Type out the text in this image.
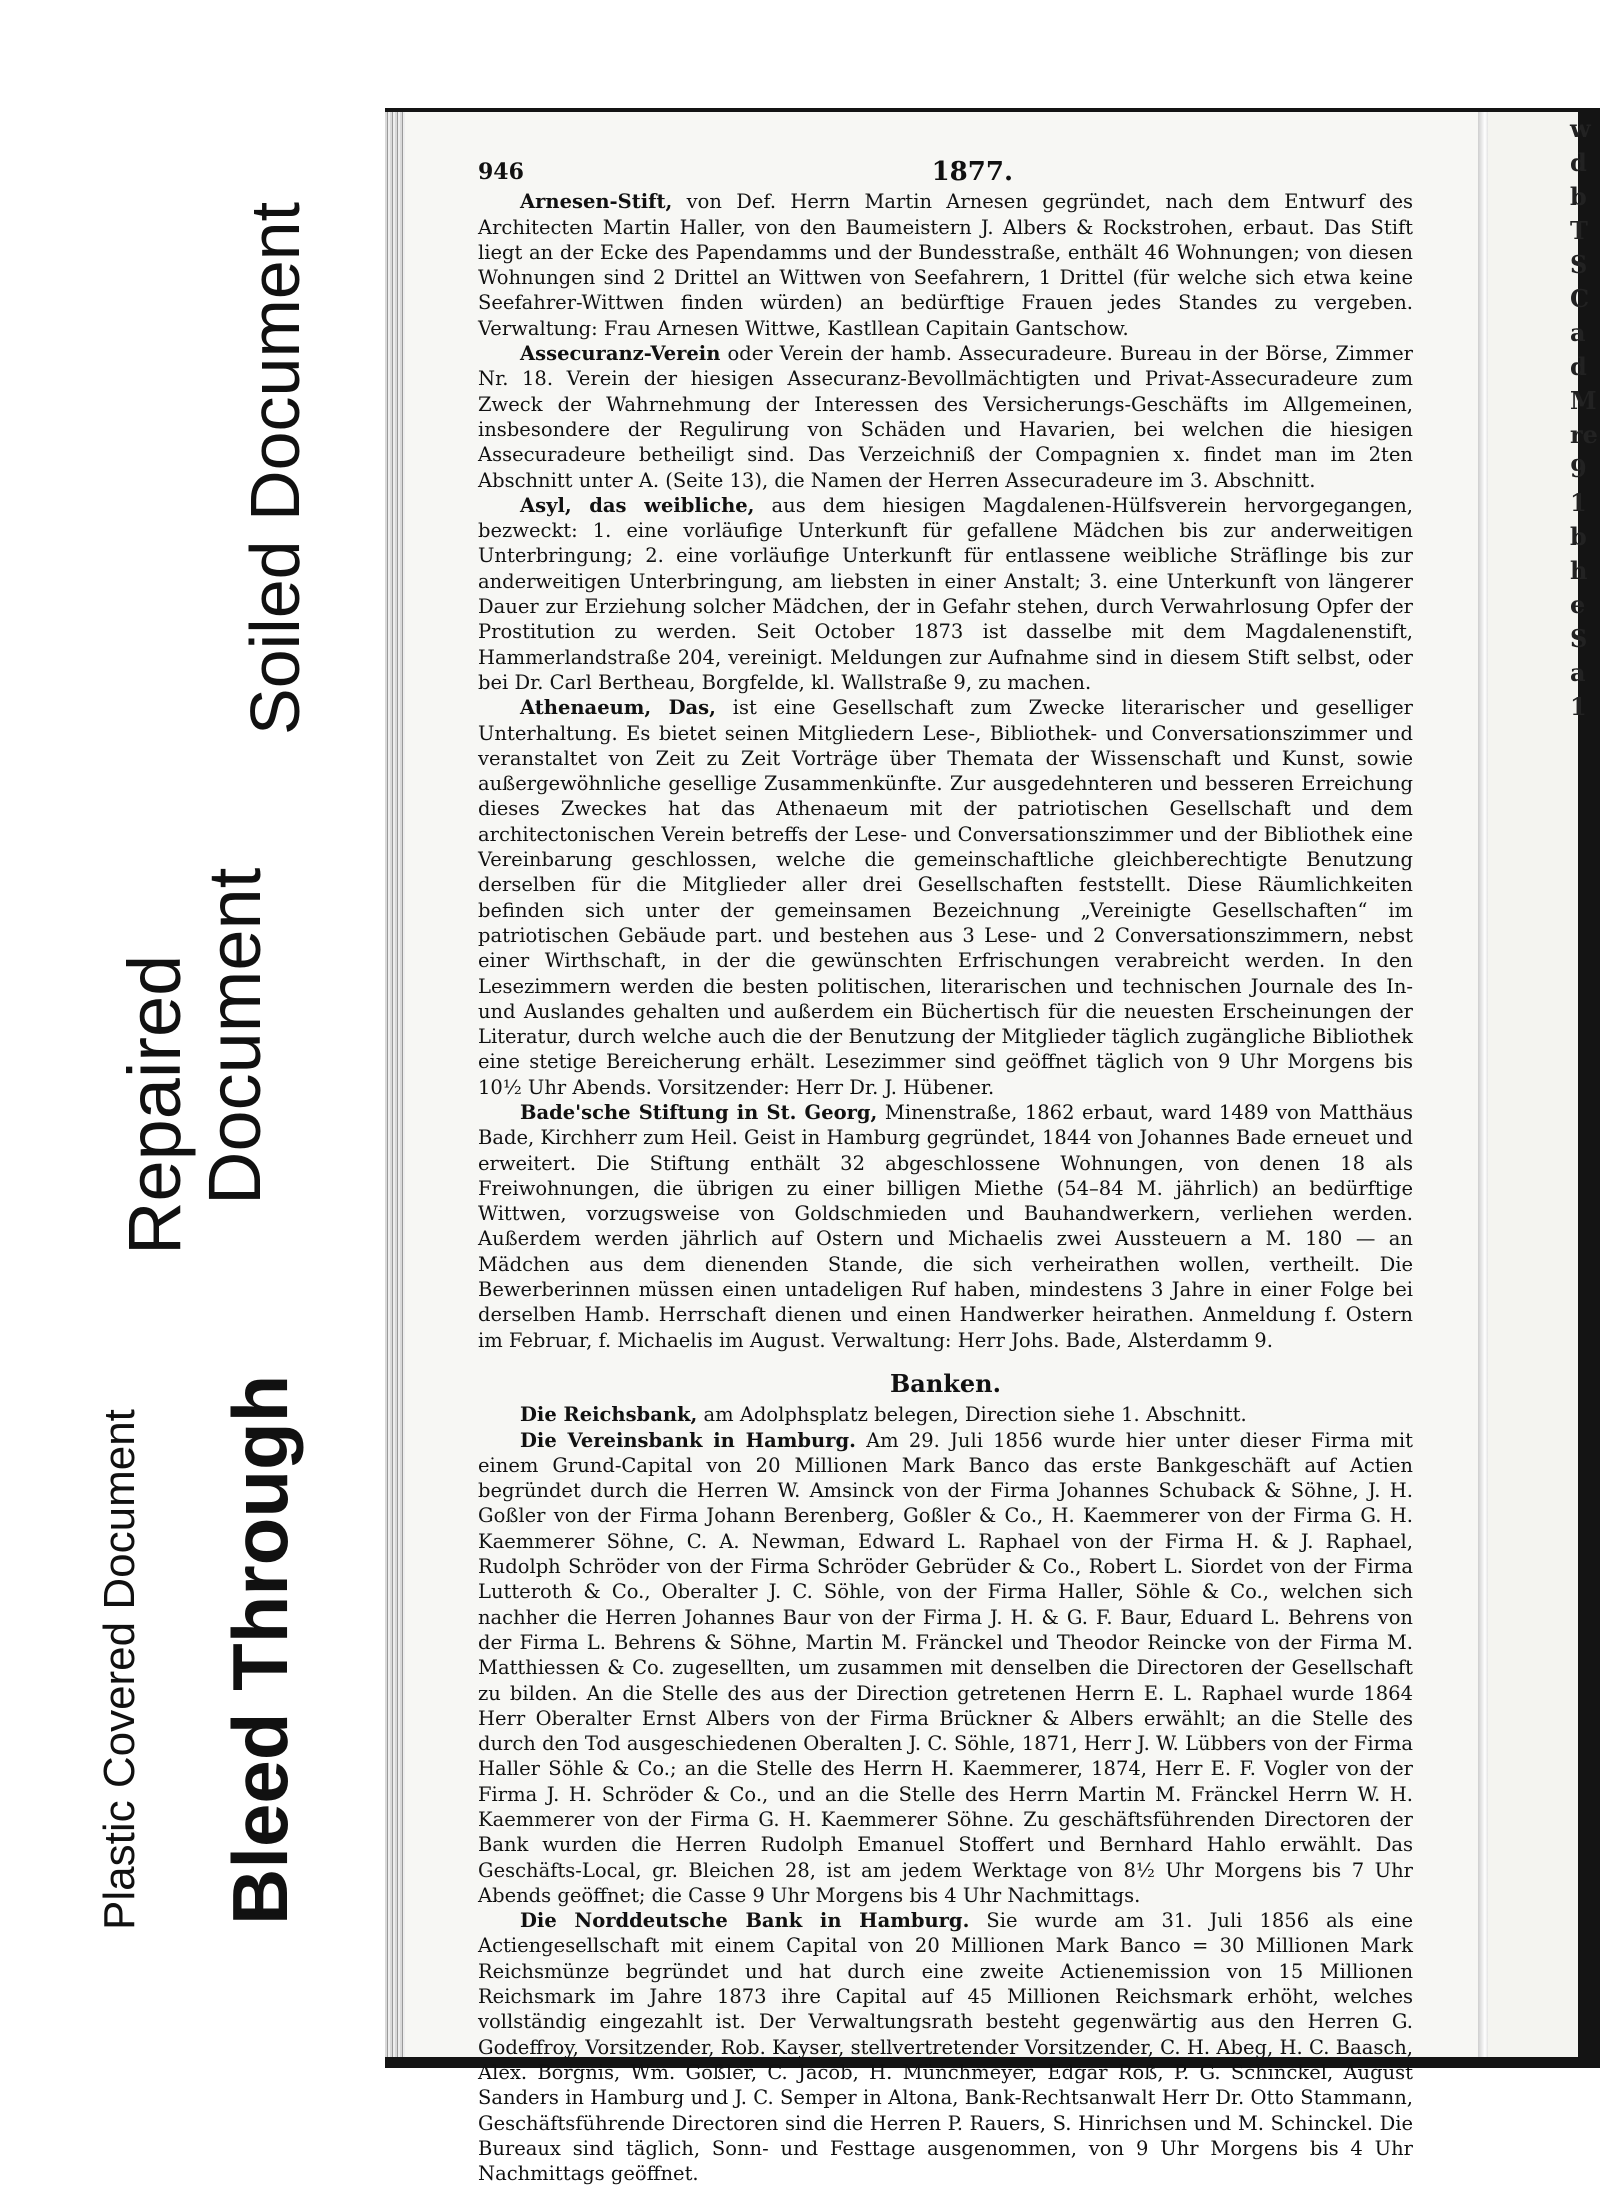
w
d
b
T
S
C
a
d
M
re
9
1
b
h
e
S
a
1
Soiled Document
Repaired
Document
Plastic Covered Document Bleed Through
946	1877.

Arnesen-Stift, von Def. Herrn Martin Arnesen gegründet, nach dem Entwurf des Architecten Martin Haller, von den Baumeistern J. Albers & Rockstrohen, erbaut. Das Stift liegt an der Ecke des Papendamms und der Bundesstraße, enthält 46 Wohnungen; von diesen Wohnungen sind 2 Drittel an Wittwen von Seefahrern, 1 Drittel (für welche sich etwa keine Seefahrer-Wittwen finden würden) an bedürftige Frauen jedes Standes zu vergeben. Verwaltung: Frau Arnesen Wittwe, Kastllean Capitain Gantschow.

Assecuranz-Verein oder Verein der hamb. Assecuradeure. Bureau in der Börse, Zimmer Nr. 18. Verein der hiesigen Assecuranz-Bevollmächtigten und Privat-Assecuradeure zum Zweck der Wahrnehmung der Interessen des Versicherungs-Geschäfts im Allgemeinen, insbesondere der Regulirung von Schäden und Havarien, bei welchen die hiesigen Assecuradeure betheiligt sind. Das Verzeichniß der Compagnien x. findet man im 2ten Abschnitt unter A. (Seite 13), die Namen der Herren Assecuradeure im 3. Abschnitt.

Asyl, das weibliche, aus dem hiesigen Magdalenen-Hülfsverein hervorgegangen, bezweckt: 1. eine vorläufige Unterkunft für gefallene Mädchen bis zur anderweitigen Unterbringung; 2. eine vorläufige Unterkunft für entlassene weibliche Sträflinge bis zur anderweitigen Unterbringung, am liebsten in einer Anstalt; 3. eine Unterkunft von längerer Dauer zur Erziehung solcher Mädchen, der in Gefahr stehen, durch Verwahrlosung Opfer der Prostitution zu werden. Seit October 1873 ist dasselbe mit dem Magdalenenstift, Hammerlandstraße 204, vereinigt. Meldungen zur Aufnahme sind in diesem Stift selbst, oder bei Dr. Carl Bertheau, Borgfelde, kl. Wallstraße 9, zu machen.

Athenaeum, Das, ist eine Gesellschaft zum Zwecke literarischer und geselliger Unterhaltung. Es bietet seinen Mitgliedern Lese-, Bibliothek- und Conversationszimmer und veranstaltet von Zeit zu Zeit Vorträge über Themata der Wissenschaft und Kunst, sowie außergewöhnliche gesellige Zusammenkünfte. Zur ausgedehnteren und besseren Erreichung dieses Zweckes hat das Athenaeum mit der patriotischen Gesellschaft und dem architectonischen Verein betreffs der Lese- und Conversationszimmer und der Bibliothek eine Vereinbarung geschlossen, welche die gemeinschaftliche gleichberechtigte Benutzung derselben für die Mitglieder aller drei Gesellschaften feststellt. Diese Räumlichkeiten befinden sich unter der gemeinsamen Bezeichnung „Vereinigte Gesellschaften“ im patriotischen Gebäude part. und bestehen aus 3 Lese- und 2 Conversationszimmern, nebst einer Wirthschaft, in der die gewünschten Erfrischungen verabreicht werden. In den Lesezimmern werden die besten politischen, literarischen und technischen Journale des In- und Auslandes gehalten und außerdem ein Büchertisch für die neuesten Erscheinungen der Literatur, durch welche auch die der Benutzung der Mitglieder täglich zugängliche Bibliothek eine stetige Bereicherung erhält. Lesezimmer sind geöffnet täglich von 9 Uhr Morgens bis 10½ Uhr Abends. Vorsitzender: Herr Dr. J. Hübener.

Bade'sche Stiftung in St. Georg, Minenstraße, 1862 erbaut, ward 1489 von Matthäus Bade, Kirchherr zum Heil. Geist in Hamburg gegründet, 1844 von Johannes Bade erneuet und erweitert. Die Stiftung enthält 32 abgeschlossene Wohnungen, von denen 18 als Freiwohnungen, die übrigen zu einer billigen Miethe (54–84 M. jährlich) an bedürftige Wittwen, vorzugsweise von Goldschmieden und Bauhandwerkern, verliehen werden. Außerdem werden jährlich auf Ostern und Michaelis zwei Aussteuern a M. 180 — an Mädchen aus dem dienenden Stande, die sich verheirathen wollen, vertheilt. Die Bewerberinnen müssen einen untadeligen Ruf haben, mindestens 3 Jahre in einer Folge bei derselben Hamb. Herrschaft dienen und einen Handwerker heirathen. Anmeldung f. Ostern im Februar, f. Michaelis im August. Verwaltung: Herr Johs. Bade, Alsterdamm 9.

Banken.

Die Reichsbank, am Adolphsplatz belegen, Direction siehe 1. Abschnitt.

Die Vereinsbank in Hamburg. Am 29. Juli 1856 wurde hier unter dieser Firma mit einem Grund-Capital von 20 Millionen Mark Banco das erste Bankgeschäft auf Actien begründet durch die Herren W. Amsinck von der Firma Johannes Schuback & Söhne, J. H. Goßler von der Firma Johann Berenberg, Goßler & Co., H. Kaemmerer von der Firma G. H. Kaemmerer Söhne, C. A. Newman, Edward L. Raphael von der Firma H. & J. Raphael, Rudolph Schröder von der Firma Schröder Gebrüder & Co., Robert L. Siordet von der Firma Lutteroth & Co., Oberalter J. C. Söhle, von der Firma Haller, Söhle & Co., welchen sich nachher die Herren Johannes Baur von der Firma J. H. & G. F. Baur, Eduard L. Behrens von der Firma L. Behrens & Söhne, Martin M. Fränckel und Theodor Reincke von der Firma M. Matthiessen & Co. zugesellten, um zusammen mit denselben die Directoren der Gesellschaft zu bilden. An die Stelle des aus der Direction getretenen Herrn E. L. Raphael wurde 1864 Herr Oberalter Ernst Albers von der Firma Brückner & Albers erwählt; an die Stelle des durch den Tod ausgeschiedenen Oberalten J. C. Söhle, 1871, Herr J. W. Lübbers von der Firma Haller Söhle & Co.; an die Stelle des Herrn H. Kaemmerer, 1874, Herr E. F. Vogler von der Firma J. H. Schröder & Co., und an die Stelle des Herrn Martin M. Fränckel Herrn W. H. Kaemmerer von der Firma G. H. Kaemmerer Söhne. Zu geschäftsführenden Directoren der Bank wurden die Herren Rudolph Emanuel Stoffert und Bernhard Hahlo erwählt. Das Geschäfts-Local, gr. Bleichen 28, ist am jedem Werktage von 8½ Uhr Morgens bis 7 Uhr Abends geöffnet; die Casse 9 Uhr Morgens bis 4 Uhr Nachmittags.

Die Norddeutsche Bank in Hamburg. Sie wurde am 31. Juli 1856 als eine Actiengesellschaft mit einem Capital von 20 Millionen Mark Banco = 30 Millionen Mark Reichsmünze begründet und hat durch eine zweite Actienemission von 15 Millionen Reichsmark im Jahre 1873 ihre Capital auf 45 Millionen Reichsmark erhöht, welches vollständig eingezahlt ist. Der Verwaltungsrath besteht gegenwärtig aus den Herren G. Godeffroy, Vorsitzender, Rob. Kayser, stellvertretender Vorsitzender, C. H. Abeg, H. C. Baasch, Alex. Borgnis, Wm. Goßler, C. Jacob, H. Münchmeyer, Edgar Roß, P. G. Schinckel, August Sanders in Hamburg und J. C. Semper in Altona, Bank-Rechtsanwalt Herr Dr. Otto Stammann, Geschäftsführende Directoren sind die Herren P. Rauers, S. Hinrichsen und M. Schinckel. Die Bureaux sind täglich, Sonn- und Festtage ausgenommen, von 9 Uhr Morgens bis 4 Uhr Nachmittags geöffnet.
